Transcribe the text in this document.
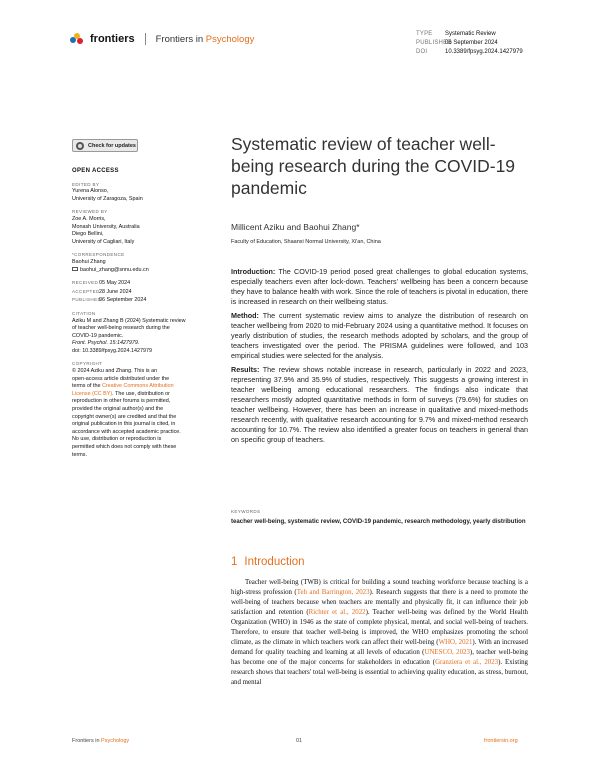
frontiers Frontiers in Psychology	TYPE Systematic Review
PUBLISHED06 September 2024
DOI	10.3389/fpsyg.2024.1427979
Check for updates
OPEN ACCESS
EDITED BY
Yurena Alonso,
University of Zaragoza, Spain
REVIEWED BY
Zoe A. Morris,
Monash University, Australia
Diego Bellini,
University of Cagliari, Italy
*CORRESPONDENCE
Baohui Zhang
baohui_zhang@snnu.edu.cn
RECEIVED05 May 2024
ACCEPTED28 June 2024
PUBLISHED06 September 2024
CITATION
Aziku M and Zhang B (2024) Systematic review
of teacher well-being research during the
COVID-19 pandemic.
Front. Psychol. 15:1427979.
doi: 10.3389/fpsyg.2024.1427979
COPYRIGHT
© 2024 Aziku and Zhang. This is an
open-access article distributed under the
terms of the Creative Commons Attribution
License (CC BY). The use, distribution or
reproduction in other forums is permitted,
provided the original author(s) and the
copyright owner(s) are credited and that the
original publication in this journal is cited, in
accordance with accepted academic practice.
No use, distribution or reproduction is
permitted which does not comply with these
terms.
Systematic review of teacher well-being research during the COVID-19 pandemic
Millicent Aziku and Baohui Zhang*
Faculty of Education, Shaanxi Normal University, Xi'an, China

Introduction: The COVID-19 period posed great challenges to global education systems, especially teachers even after lock-down. Teachers' wellbeing has been a concern because they have to balance health with work. Since the role of teachers is pivotal in education, there is increased in research on their wellbeing status.

Method: The current systematic review aims to analyze the distribution of research on teacher wellbeing from 2020 to mid-February 2024 using a quantitative method. It focuses on yearly distribution of studies, the research methods adopted by scholars, and the group of teachers investigated over the period. The PRISMA guidelines were followed, and 103 empirical studies were selected for the analysis.

Results: The review shows notable increase in research, particularly in 2022 and 2023, representing 37.9% and 35.9% of studies, respectively. This suggests a growing interest in teacher wellbeing among educational researchers. The findings also indicate that researchers mostly adopted quantitative methods in form of surveys (79.6%) for studies on teacher wellbeing. However, there has been an increase in qualitative and mixed-methods research recently, with qualitative research accounting for 9.7% and mixed-method research accounting for 10.7%. The review also identified a greater focus on teachers in general than on specific group of teachers.

KEYWORDS
teacher well-being, systematic review, COVID-19 pandemic, research methodology, yearly distribution
1 Introduction
Teacher well-being (TWB) is critical for building a sound teaching workforce because teaching is a high-stress profession (Teh and Barrington, 2023). Research suggests that there is a need to promote the well-being of teachers because when teachers are mentally and physically fit, it can influence their job satisfaction and retention (Richter et al., 2022). Teacher well-being was defined by the World Health Organization (WHO) in 1946 as the state of complete physical, mental, and social well-being of teachers. Therefore, to ensure that teacher well-being is improved, the WHO emphasizes promoting the school climate, as the climate in which teachers work can affect their well-being (WHO, 2021). With an increased demand for quality teaching and learning at all levels of education (UNESCO, 2023), teacher well-being has become one of the major concerns for stakeholders in education (Granziera et al., 2023). Existing research shows that teachers' total well-being is essential to achieving quality education, as stress, burnout, and mental
Frontiers in Psychology	01	frontiersin.org
